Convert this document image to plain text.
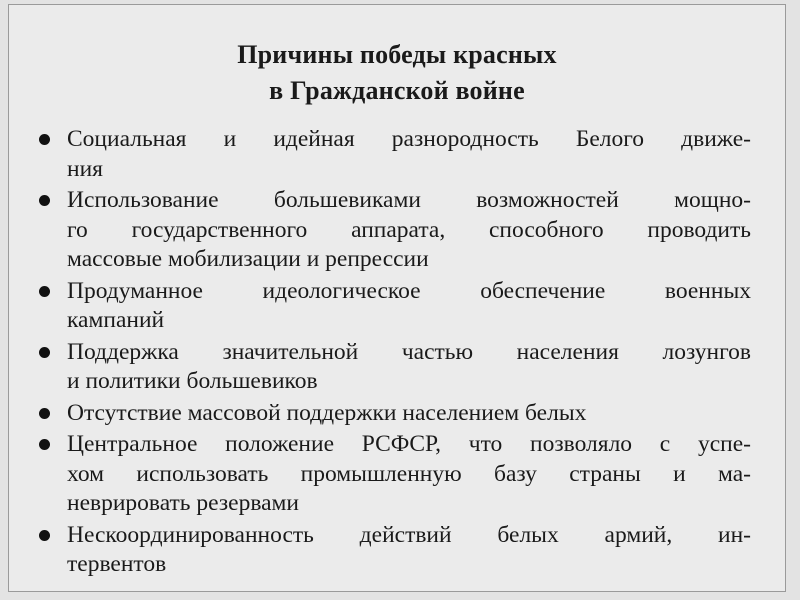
Причины победы красных
в Гражданской войне
Социальная и идейная разнородность Белого движе-
ния
Использование большевиками возможностей мощно-
го государственного аппарата, способного проводить
массовые мобилизации и репрессии
Продуманное идеологическое обеспечение военных
кампаний
Поддержка значительной частью населения лозунгов
и политики большевиков
Отсутствие массовой поддержки населением белых
Центральное положение РСФСР, что позволяло с успе-
хом использовать промышленную базу страны и ма-
неврировать резервами
Нескоординированность действий белых армий, ин-
тервентов
